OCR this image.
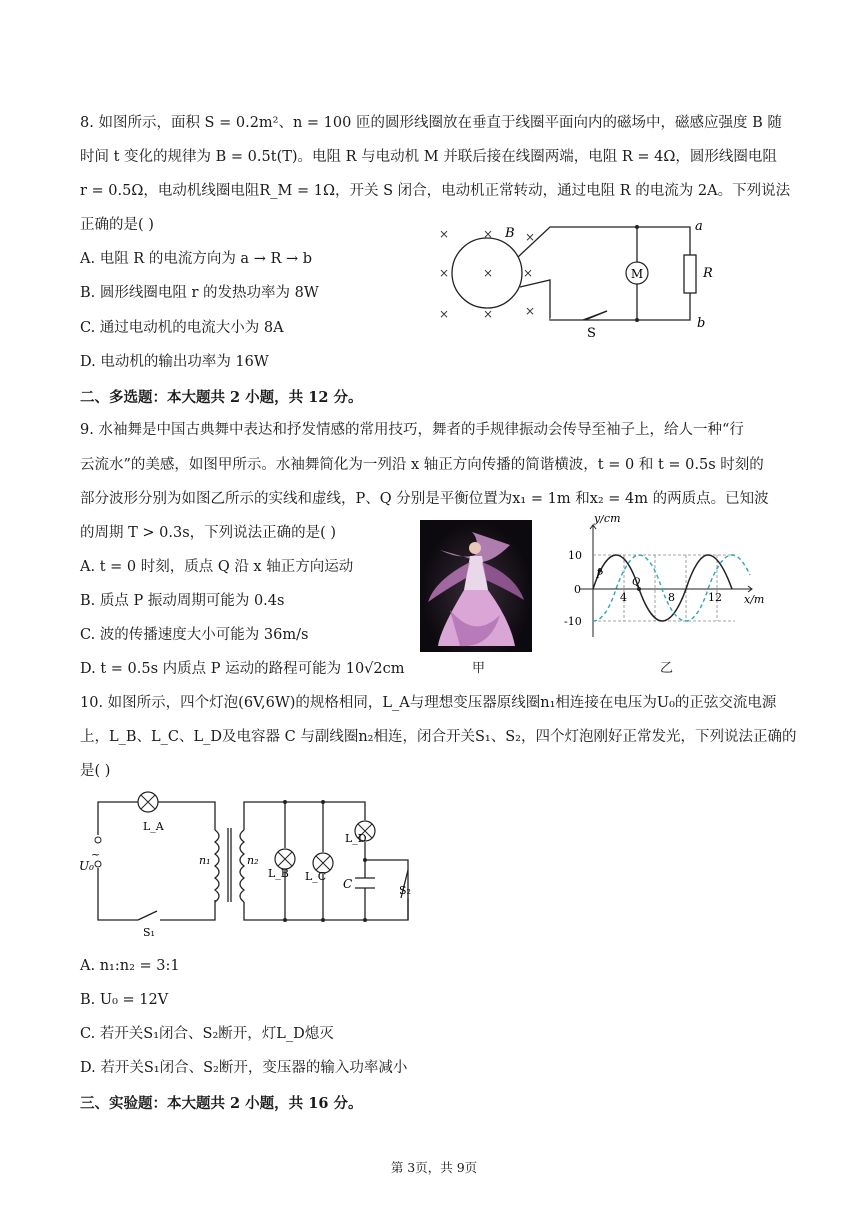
8. 如图所示，面积 S = 0.2m²、n = 100 匝的圆形线圈放在垂直于线圈平面向内的磁场中，磁感应强度 B 随
时间 t 变化的规律为 B = 0.5t(T)。电阻 R 与电动机 M 并联后接在线圈两端，电阻 R = 4Ω，圆形线圈电阻
r = 0.5Ω，电动机线圈电阻R_M = 1Ω，开关 S 闭合，电动机正常转动，通过电阻 R 的电流为 2A。下列说法
正确的是( )
A. 电阻 R 的电流方向为 a → R → b
B. 圆形线圈电阻 r 的发热功率为 8W
C. 通过电动机的电流大小为 8A
D. 电动机的输出功率为 16W
M
×	×	×
×	× ×
×	×	×
B	a
R
b
S
二、多选题：本大题共 2 小题，共 12 分。
9. 水袖舞是中国古典舞中表达和抒发情感的常用技巧，舞者的手规律振动会传导至袖子上，给人一种“行
云流水”的美感，如图甲所示。水袖舞简化为一列沿 x 轴正方向传播的简谐横波，t = 0 和 t = 0.5s 时刻的
部分波形分别为如图乙所示的实线和虚线，P、Q 分别是平衡位置为x₁ = 1m 和x₂ = 4m 的两质点。已知波
的周期 T > 0.3s，下列说法正确的是( )
A. t = 0 时刻，质点 Q 沿 x 轴正方向运动
B. 质点 P 振动周期可能为 0.4s
C. 波的传播速度大小可能为 36m/s
D. t = 0.5s 内质点 P 运动的路程可能为 10√2cm	甲
y/cm
x/m
10
0
-10
4	8	12
P
Q
乙
10. 如图所示，四个灯泡(6V,6W)的规格相同，L_A与理想变压器原线圈n₁相连接在电压为U₀的正弦交流电源
上，L_B、L_C、L_D及电容器 C 与副线圈n₂相连，闭合开关S₁、S₂，四个灯泡刚好正常发光，下列说法正确的
是( )
L_A
n₁	n₂
U₀
~
L_B L_C
L_D
C
S₁
S₂
A. n₁:n₂ = 3:1
B. U₀ = 12V
C. 若开关S₁闭合、S₂断开，灯L_D熄灭
D. 若开关S₁闭合、S₂断开，变压器的输入功率减小
三、实验题：本大题共 2 小题，共 16 分。
第 3页，共 9页
